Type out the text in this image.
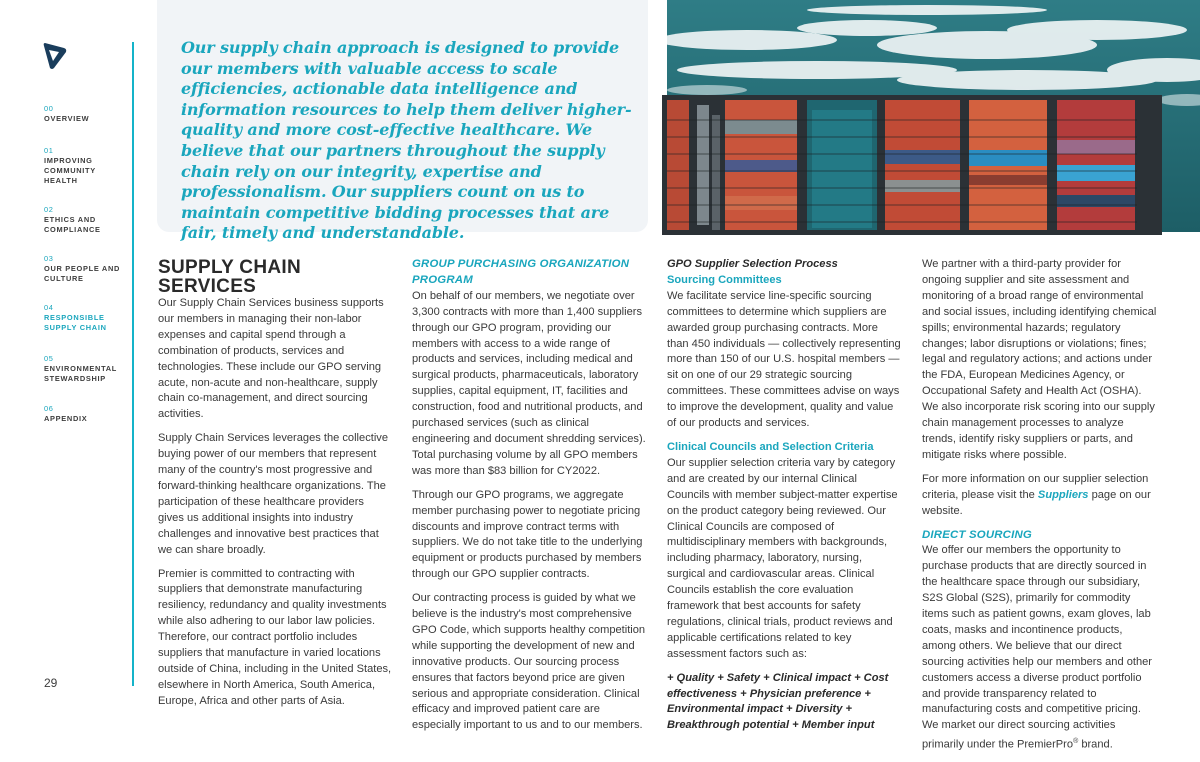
00
OVERVIEW
01
IMPROVING COMMUNITY HEALTH
02
ETHICS AND COMPLIANCE
03
OUR PEOPLE AND CULTURE
04
RESPONSIBLE SUPPLY CHAIN
05
ENVIRONMENTAL STEWARDSHIP
06
APPENDIX
29
Our supply chain approach is designed to provide our members with valuable access to scale efficiencies, actionable data intelligence and information resources to help them deliver higher-quality and more cost-effective healthcare. We believe that our partners throughout the supply chain rely on our integrity, expertise and professionalism. Our suppliers count on us to maintain competitive bidding processes that are fair, timely and understandable.
SUPPLY CHAIN SERVICES

Our Supply Chain Services business supports our members in managing their non-labor expenses and capital spend through a combination of products, services and technologies. These include our GPO serving acute, non-acute and non-healthcare, supply chain co-management, and direct sourcing activities.

Supply Chain Services leverages the collective buying power of our members that represent many of the country's most progressive and forward-thinking healthcare organizations. The participation of these healthcare providers gives us additional insights into industry challenges and innovative best practices that we can share broadly.

Premier is committed to contracting with suppliers that demonstrate manufacturing resiliency, redundancy and quality investments while also adhering to our labor law policies. Therefore, our contract portfolio includes suppliers that manufacture in varied locations outside of China, including in the United States, elsewhere in North America, South America, Europe, Africa and other parts of Asia.

GROUP PURCHASING ORGANIZATION PROGRAM

On behalf of our members, we negotiate over 3,300 contracts with more than 1,400 suppliers through our GPO program, providing our members with access to a wide range of products and services, including medical and surgical products, pharmaceuticals, laboratory supplies, capital equipment, IT, facilities and construction, food and nutritional products, and purchased services (such as clinical engineering and document shredding services). Total purchasing volume by all GPO members was more than $83 billion for CY2022.

Through our GPO programs, we aggregate member purchasing power to negotiate pricing discounts and improve contract terms with suppliers. We do not take title to the underlying equipment or products purchased by members through our GPO supplier contracts.

Our contracting process is guided by what we believe is the industry's most comprehensive GPO Code, which supports healthy competition while supporting the development of new and innovative products. Our sourcing process ensures that factors beyond price are given serious and appropriate consideration. Clinical efficacy and improved patient care are especially important to us and to our members.

GPO Supplier Selection Process
Sourcing Committees

We facilitate service line-specific sourcing committees to determine which suppliers are awarded group purchasing contracts. More than 450 individuals — collectively representing more than 150 of our U.S. hospital members — sit on one of our 29 strategic sourcing committees. These committees advise on ways to improve the development, quality and value of our products and services.

Clinical Councils and Selection Criteria

Our supplier selection criteria vary by category and are created by our internal Clinical Councils with member subject-matter expertise on the product category being reviewed. Our Clinical Councils are composed of multidisciplinary members with backgrounds, including pharmacy, laboratory, nursing, surgical and cardiovascular areas. Clinical Councils establish the core evaluation framework that best accounts for safety regulations, clinical trials, product reviews and applicable certifications related to key assessment factors such as:

+ Quality + Safety + Clinical impact + Cost effectiveness + Physician preference + Environmental impact + Diversity + Breakthrough potential + Member input

We partner with a third-party provider for ongoing supplier and site assessment and monitoring of a broad range of environmental and social issues, including identifying chemical spills; environmental hazards; regulatory changes; labor disruptions or violations; fines; legal and regulatory actions; and actions under the FDA, European Medicines Agency, or Occupational Safety and Health Act (OSHA). We also incorporate risk scoring into our supply chain management processes to analyze trends, identify risky suppliers or parts, and mitigate risks where possible.

For more information on our supplier selection criteria, please visit the Suppliers page on our website.

DIRECT SOURCING

We offer our members the opportunity to purchase products that are directly sourced in the healthcare space through our subsidiary, S2S Global (S2S), primarily for commodity items such as patient gowns, exam gloves, lab coats, masks and incontinence products, among others. We believe that our direct sourcing activities help our members and other customers access a diverse product portfolio and provide transparency related to manufacturing costs and competitive pricing. We market our direct sourcing activities primarily under the PremierPro® brand.
